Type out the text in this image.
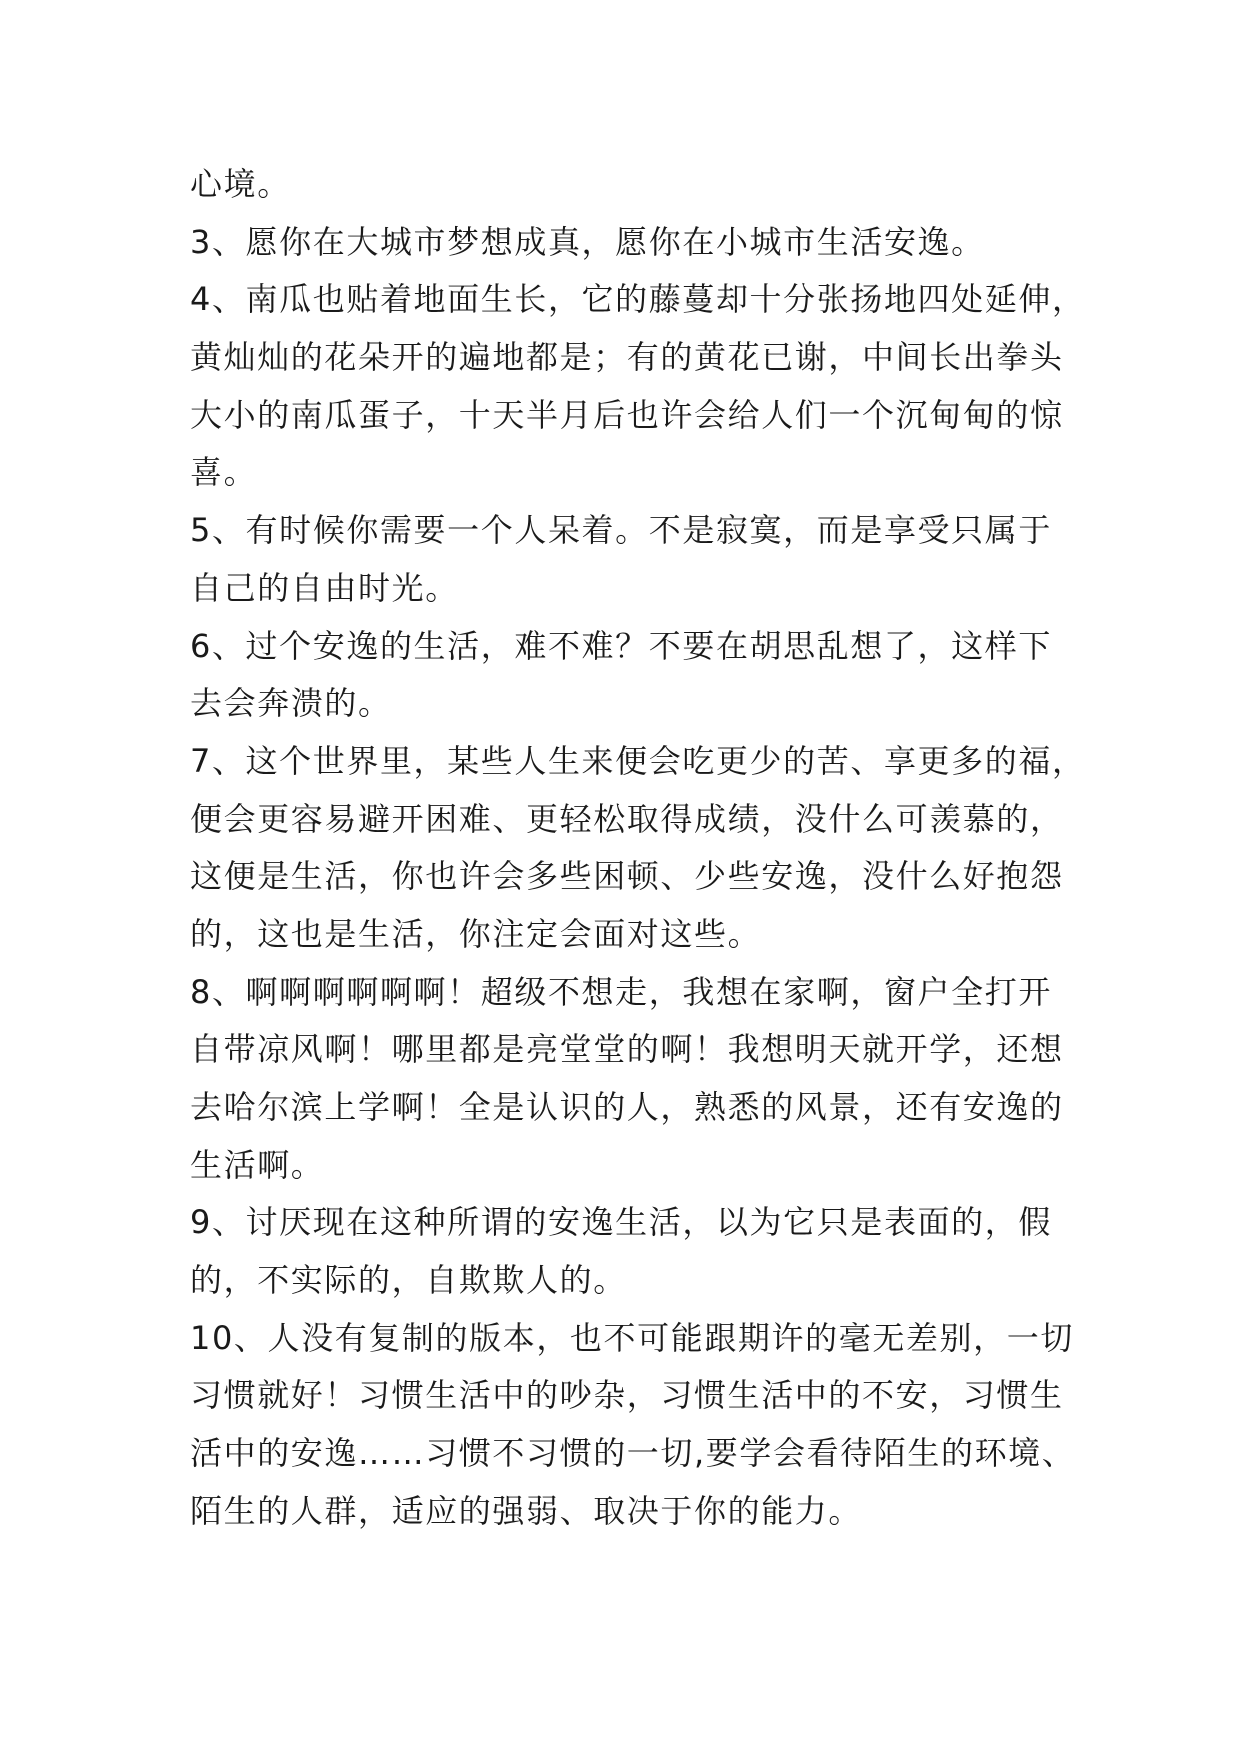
心境。
3、愿你在大城市梦想成真，愿你在小城市生活安逸。
4、南瓜也贴着地面生长，它的藤蔓却十分张扬地四处延伸，
黄灿灿的花朵开的遍地都是；有的黄花已谢，中间长出拳头
大小的南瓜蛋子，十天半月后也许会给人们一个沉甸甸的惊
喜。
5、有时候你需要一个人呆着。不是寂寞，而是享受只属于
自己的自由时光。
6、过个安逸的生活，难不难？不要在胡思乱想了，这样下
去会奔溃的。
7、这个世界里，某些人生来便会吃更少的苦、享更多的福，
便会更容易避开困难、更轻松取得成绩，没什么可羡慕的，
这便是生活，你也许会多些困顿、少些安逸，没什么好抱怨
的，这也是生活，你注定会面对这些。
8、啊啊啊啊啊啊！超级不想走，我想在家啊，窗户全打开
自带凉风啊！哪里都是亮堂堂的啊！我想明天就开学，还想
去哈尔滨上学啊！全是认识的人，熟悉的风景，还有安逸的
生活啊。
9、讨厌现在这种所谓的安逸生活，以为它只是表面的，假
的，不实际的，自欺欺人的。
10、人没有复制的版本，也不可能跟期许的毫无差别，一切
习惯就好！习惯生活中的吵杂，习惯生活中的不安，习惯生
活中的安逸……习惯不习惯的一切,要学会看待陌生的环境、
陌生的人群，适应的强弱、取决于你的能力。
